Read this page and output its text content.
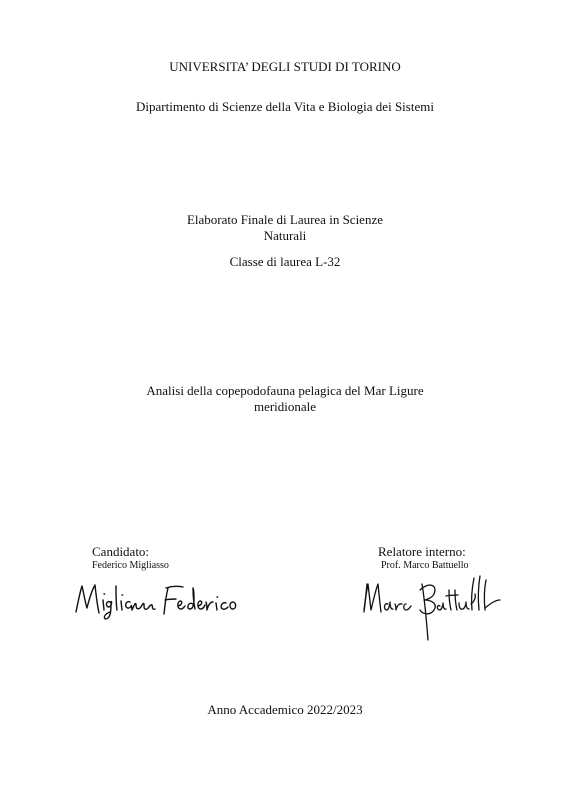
UNIVERSITA’ DEGLI STUDI DI TORINO
Dipartimento di Scienze della Vita e Biologia dei Sistemi
Elaborato Finale di Laurea in Scienze
Naturali
Classe di laurea L-32
Analisi della copepodofauna pelagica del Mar Ligure
meridionale
Candidato:
Federico Migliasso
Relatore interno:
Prof. Marco Battuello
Anno Accademico 2022/2023
